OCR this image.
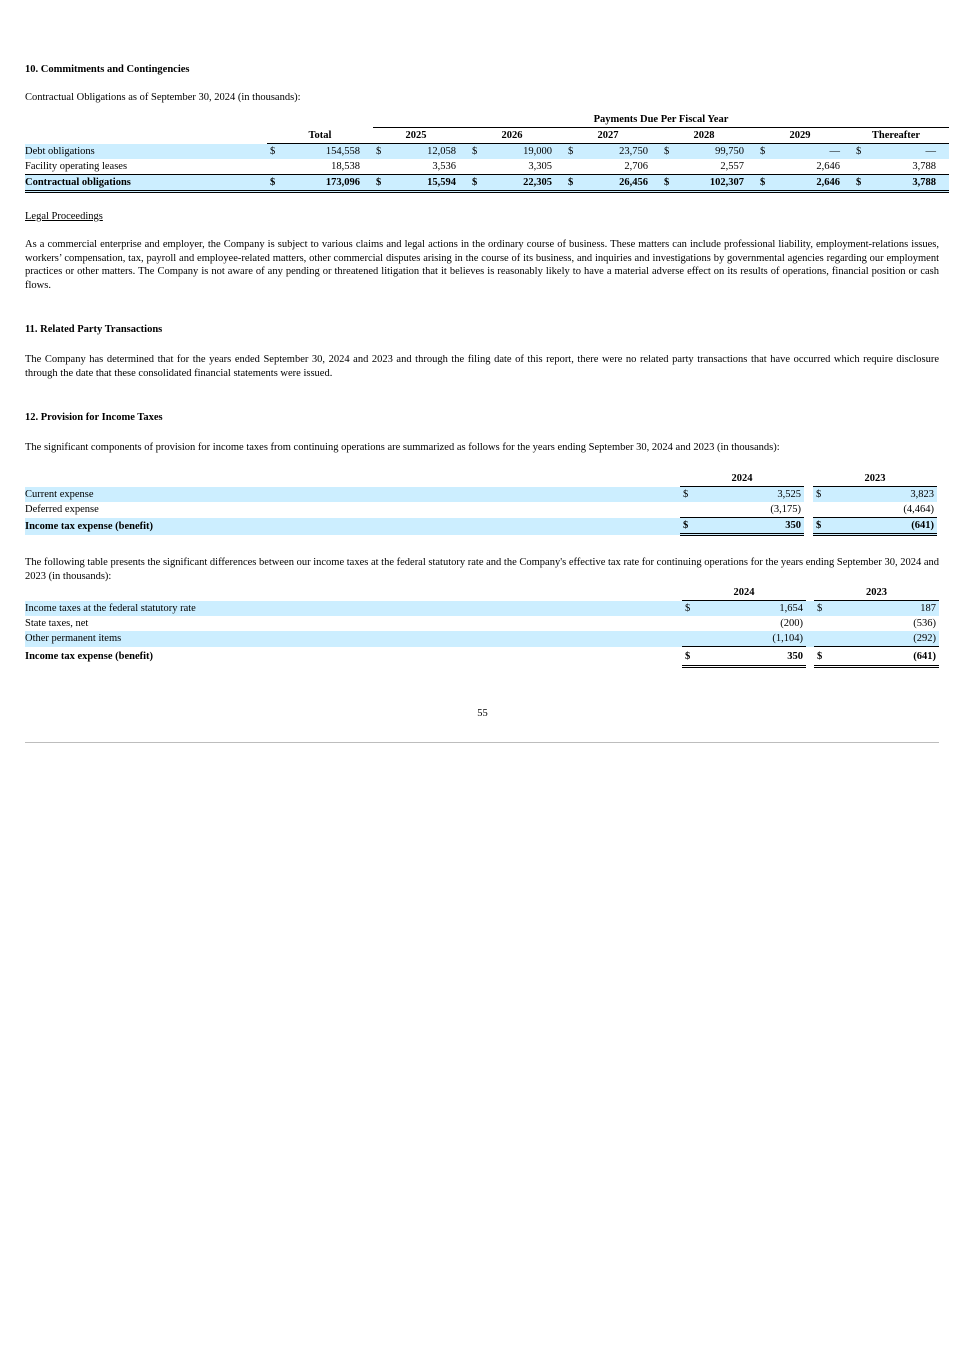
10. Commitments and Contingencies
Contractual Obligations as of September 30, 2024 (in thousands):
				Payments Due Per Fiscal Year																	
		Total		2025			2026			2027			2028			2029			Thereafter		
Debt obligations	$	154,558		$	12,058		$	19,000		$	23,750		$	99,750		$	—		$	—	
Facility operating leases		18,538			3,536			3,305			2,706			2,557			2,646			3,788	
Contractual obligations	$	173,096		$	15,594		$	22,305		$	26,456		$	102,307		$	2,646		$	3,788	
Legal Proceedings
As a commercial enterprise and employer, the Company is subject to various claims and legal actions in the ordinary course of business. These matters can include professional liability, employment-relations issues, workers’ compensation, tax, payroll and employee-related matters, other commercial disputes arising in the course of its business, and inquiries and investigations by governmental agencies regarding our employment practices or other matters. The Company is not aware of any pending or threatened litigation that it believes is reasonably likely to have a material adverse effect on its results of operations, financial position or cash flows.
11. Related Party Transactions
The Company has determined that for the years ended September 30, 2024 and 2023 and through the filing date of this report, there were no related party transactions that have occurred which require disclosure through the date that these consolidated financial statements were issued.
12. Provision for Income Taxes
The significant components of provision for income taxes from continuing operations are summarized as follows for the years ending September 30, 2024 and 2023 (in thousands):
	2024			2023		
Current expense	$	3,525		$	3,823	
Deferred expense		(3,175)			(4,464)	
Income tax expense (benefit)	$	350		$	(641)	
The following table presents the significant differences between our income taxes at the federal statutory rate and the Company's effective tax rate for continuing operations for the years ending September 30, 2024 and 2023 (in thousands):
	2024			2023	
Income taxes at the federal statutory rate	$	1,654		$	187
State taxes, net		(200)			(536)
Other permanent items		(1,104)			(292)
Income tax expense (benefit)	$	350		$	(641)
55
